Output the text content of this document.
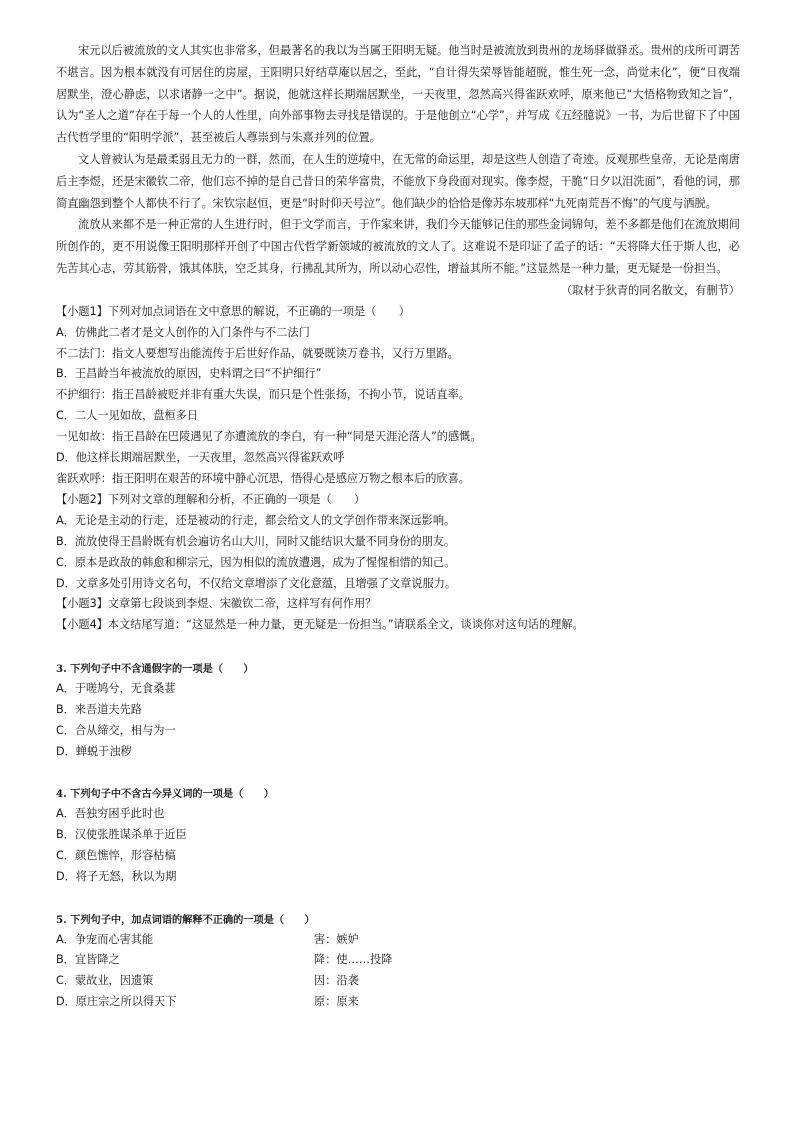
宋元以后被流放的文人其实也非常多，但最著名的我以为当属王阳明无疑。他当时是被流放到贵州的龙场驿做驿丞。贵州的戌所可谓苦不堪言。因为根本就没有可居住的房屋，王阳明只好结草庵以居之，至此，“自计得失荣辱皆能超脱，惟生死一念，尚觉未化”，便“日夜端居默坐，澄心静虑，以求诸静一之中”。据说，他就这样长期端居默坐，一天夜里，忽然高兴得雀跃欢呼，原来他已“大悟格物致知之旨”，认为“圣人之道”存在于每一个人的人性里，向外部事物去寻找是错误的。于是他创立“心学”，并写成《五经臆说》一书，为后世留下了中国古代哲学里的“阳明学派”，甚至被后人尊崇到与朱熹并列的位置。

文人曾被认为是最柔弱且无力的一群，然而，在人生的逆境中，在无常的命运里，却是这些人创造了奇迹。反观那些皇帝，无论是南唐后主李煜，还是宋徽钦二帝，他们忘不掉的是自己昔日的荣华富贵，不能放下身段面对现实。像李煜，干脆“日夕以泪洗面”，看他的词，那简直幽怨到整个人都快不行了。宋钦宗赵恒，更是“时时仰天号泣”。他们缺少的恰恰是像苏东坡那样“九死南荒吾不悔”的气度与洒脱。

流放从来都不是一种正常的人生进行时，但于文学而言，于作家来讲，我们今天能够记住的那些金词锦句，差不多都是他们在流放期间所创作的，更不用说像王阳明那样开创了中国古代哲学新领域的被流放的文人了。这难说不是印证了孟子的话：“天将降大任于斯人也，必先苦其心志，劳其筋骨，饿其体肤，空乏其身，行拂乱其所为，所以动心忍性，增益其所不能。”这显然是一种力量，更无疑是一份担当。

（取材于狄青的同名散文，有删节）

【小题1】下列对加点词语在文中意思的解说，不正确的一项是（　　）

A．仿佛此二者才是文人创作的入门条件与不二法门

不二法门：指文人要想写出能流传于后世好作品，就要既读万卷书，又行万里路。

B．王昌龄当年被流放的原因，史料谓之曰“不护细行”

不护细行：指王昌龄被贬并非有重大失误，而只是个性张扬，不拘小节，说话直率。

C．二人一见如故，盘桓多日

一见如故：指王昌龄在巴陵遇见了亦遭流放的李白，有一种“同是天涯沦落人”的感慨。

D．他这样长期端居默坐，一天夜里，忽然高兴得雀跃欢呼

雀跃欢呼：指王阳明在艰苦的环境中静心沉思，悟得心是感应万物之根本后的欣喜。

【小题2】下列对文章的理解和分析，不正确的一项是（　　）

A．无论是主动的行走，还是被动的行走，都会给文人的文学创作带来深远影响。

B．流放使得王昌龄既有机会遍访名山大川，同时又能结识大量不同身份的朋友。

C．原本是政敌的韩愈和柳宗元，因为相似的流放遭遇，成为了惺惺相惜的知己。

D．文章多处引用诗文名句，不仅给文章增添了文化意蕴，且增强了文章说服力。

【小题3】文章第七段谈到李煜、宋徽钦二帝，这样写有何作用？

【小题4】本文结尾写道：“这显然是一种力量，更无疑是一份担当。”请联系全文，谈谈你对这句话的理解。

3. 下列句子中不含通假字的一项是（　　）

A．于嗟鸠兮，无食桑葚

B．来吾道夫先路

C．合从缔交，相与为一

D．蝉蜕于浊秽

4. 下列句子中不含古今异义词的一项是（　　）

A．吾独穷困乎此时也

B．汉使张胜谋杀单于近臣

C．颜色憔悴，形容枯槁

D．将子无怒，秋以为期

5. 下列句子中，加点词语的解释不正确的一项是（　　）

A．争宠而心害其能	害：嫉妒
B．宜皆降之	降：使……投降
C．蒙故业，因遗策	因：沿袭
D．原庄宗之所以得天下	原：原来
